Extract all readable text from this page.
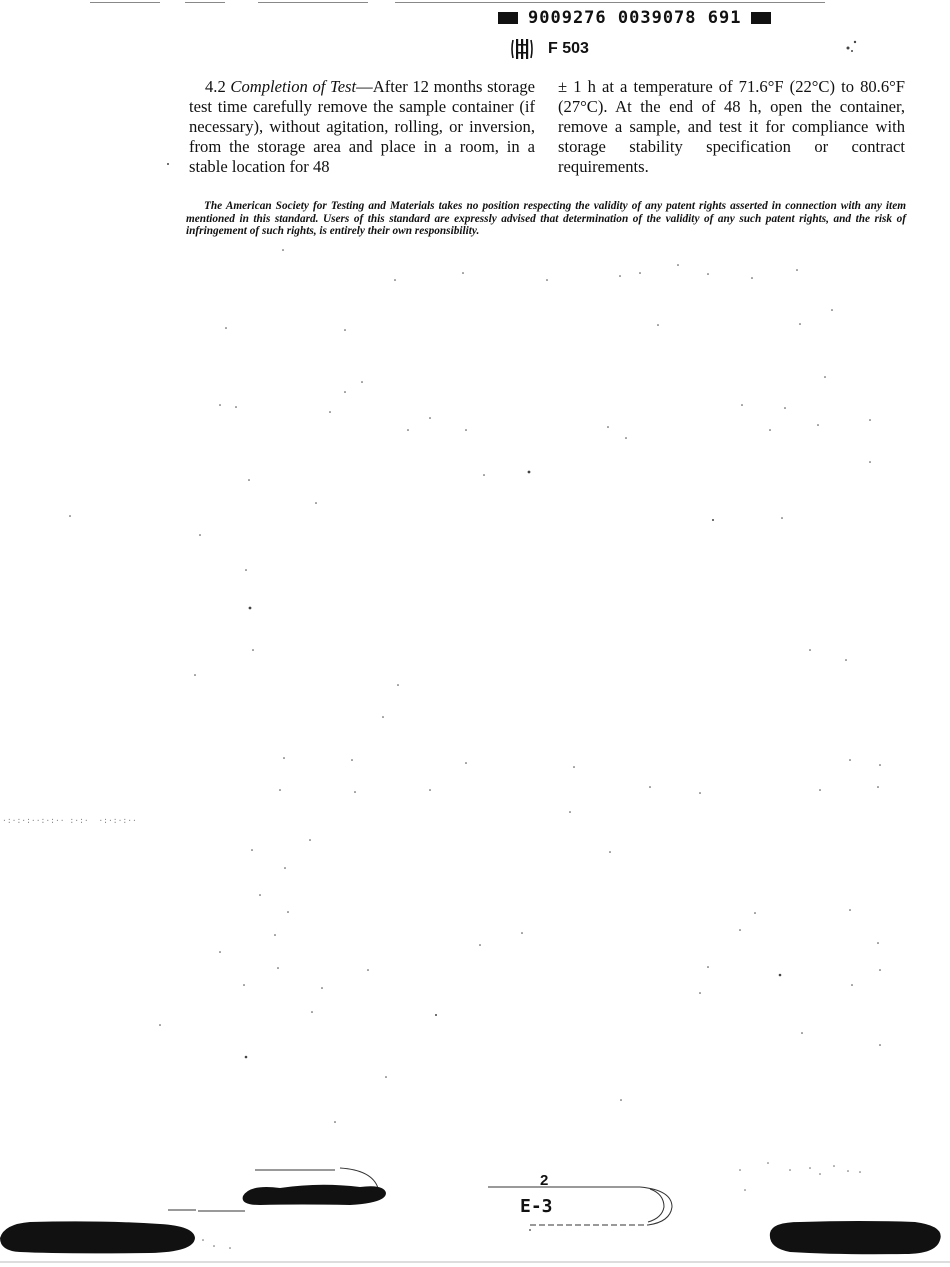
9009276 0039078 691
F 503

4.2 Completion of Test—After 12 months storage test time carefully remove the sample container (if necessary), without agitation, rolling, or inversion, from the storage area and place in a room, in a stable location for 48

± 1 h at a temperature of 71.6°F (22°C) to 80.6°F (27°C). At the end of 48 h, open the container, remove a sample, and test it for compliance with storage stability specification or contract requirements.

The American Society for Testing and Materials takes no position respecting the validity of any patent rights asserted in connection with any item mentioned in this standard. Users of this standard are expressly advised that determination of the validity of any such patent rights, and the risk of infringement of such rights, is entirely their own responsibility.
·:·:·:··:·:·· :·:·  ·:·:·:··
2
E-3
